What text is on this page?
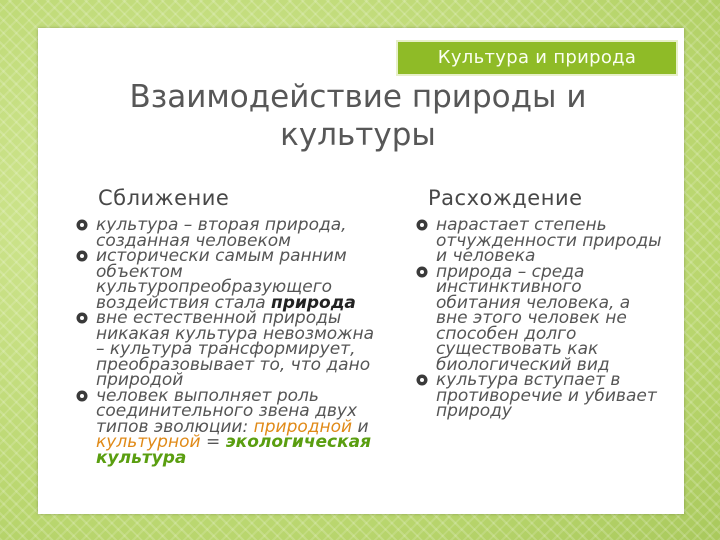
Культура и природа
Взаимодействие природы и культуры
Сближение	Расхождение
культура – вторая природа, созданная человеком
исторически самым ранним объектом культуропреобразующего воздействия стала природа
вне естественной природы никакая культура невозможна – культура трансформирует, преобразовывает то, что дано природой
человек выполняет роль соединительного звена двух типов эволюции: природной и культурной = экологическая культура
нарастает степень отчужденности природы и человека
природа – среда инстинктивного обитания человека, а вне этого человек не способен долго существовать как биологический вид
культура вступает в противоречие и убивает природу
